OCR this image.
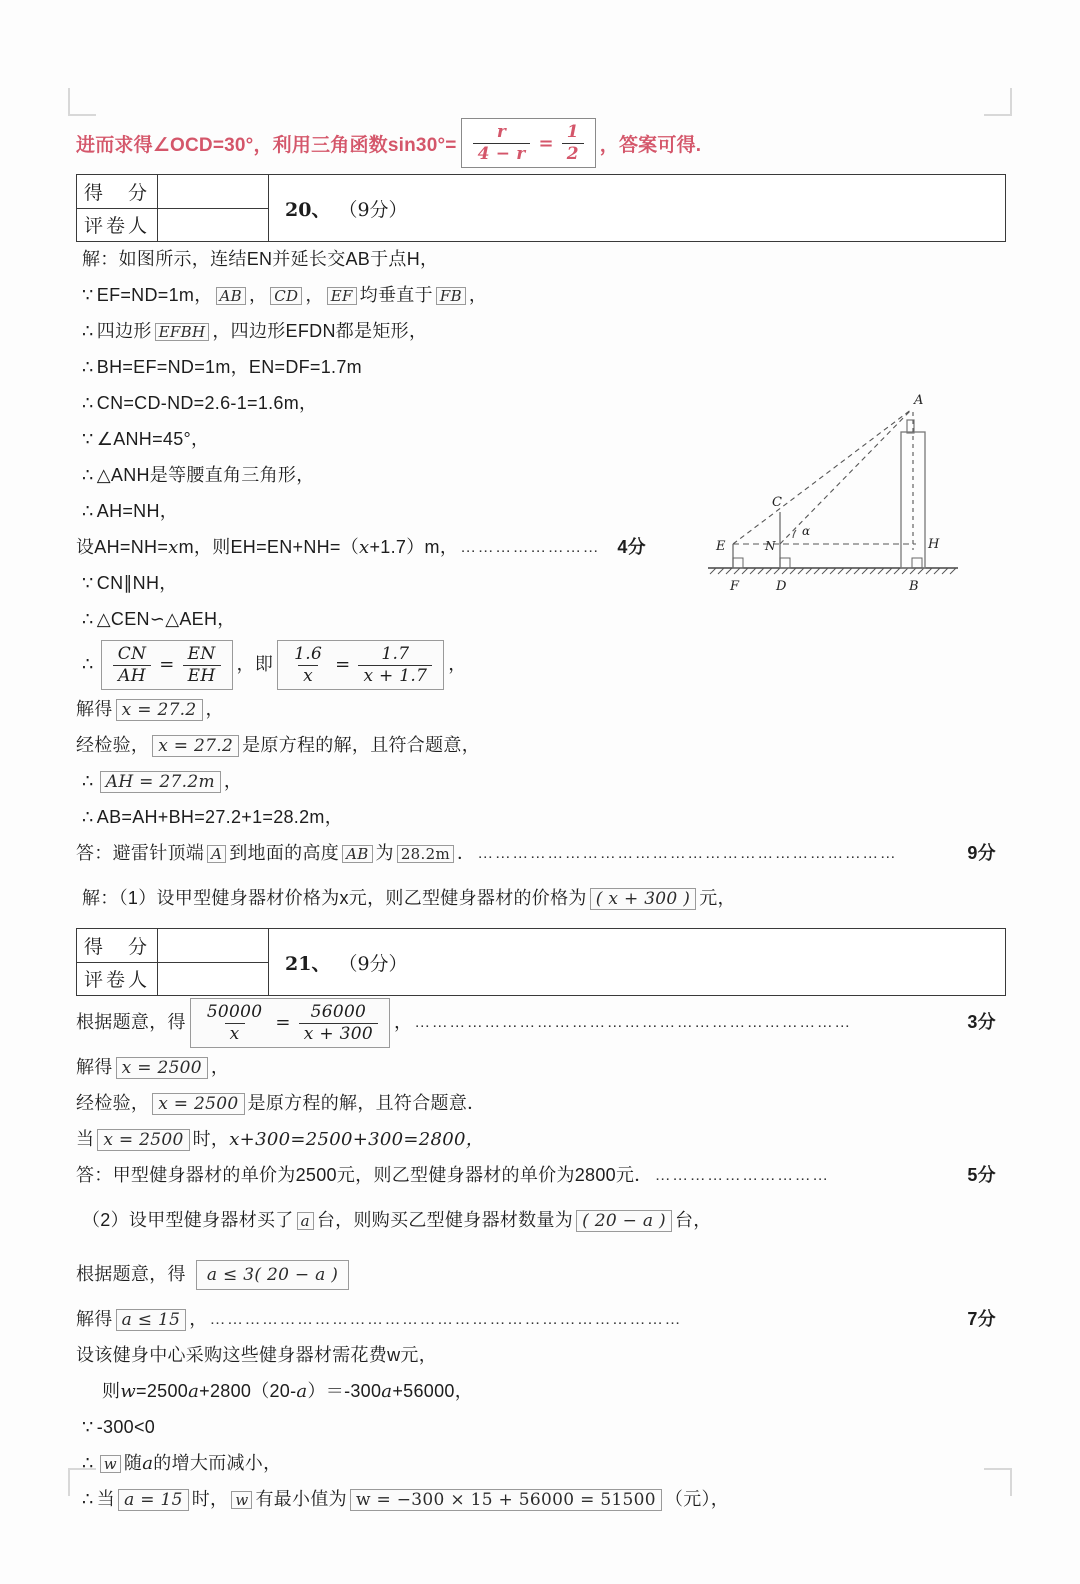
进而求得∠OCD=30°，利用三角函数$\sin 30^\circ= \frac{r}{4 - r} = \frac{1}{2}$ ，答案可得.
得　分
评卷人
20、 （9分）
解：如图所示，连结EN并延长交AB于点H，
∵ EF=ND=1m， AB ， CD ， EF 均垂直于 FB ，
∴ 四边形 EFBH ，四边形EFDN都是矩形，
∴ BH=EF=ND=1m，EN=DF=1.7m
∴ CN=CD-ND=2.6-1=1.6m，
∵ ∠ANH=45°，
∴ △ANH是等腰直角三角形，
∴ AH=NH，
设AH=NH= x m，则EH=EN+NH=（ x +1.7）m， …………………… 4分
∵ CN∥NH，
∴ △CEN∽△AEH，
∴ $\frac{CN}{AH} = \frac{EN}{EH}$ ，即 $\frac{1.6}{x} = \frac{1.7}{x + 1.7}$ ，
解得 x = 27.2 ，
经检验， x = 27.2 是原方程的解，且符合题意，
∴ AH = 27.2m ，
∴ AB=AH+BH=27.2+1=28.2m，
答：避雷针顶端 A 到地面的高度 AB 为 28.2m ． ………………………………………………………………	9分
解：（1）设甲型健身器材价格为x元，则乙型健身器材的价格为 ( x + 300 ) 元，
得　分
评卷人
21、 （9分）
根据题意，得 $\frac{50000}{x} = \frac{56000}{x + 300}$ ， …………………………………………………………………	3分
解得 x = 2500 ，
经检验， x = 2500 是原方程的解，且符合题意．
当 x = 2500 时， x+300=2500+300=2800，
答：甲型健身器材的单价为2500元，则乙型健身器材的单价为2800元． …………………………	5分
（2）设甲型健身器材买了 a 台，则购买乙型健身器材数量为 ( 20 − a ) 台，
根据题意，得	a ≤ 3( 20 − a )
解得 a ≤ 15 ， ………………………………………………………………………	7分
设该健身中心采购这些健身器材需花费w元，
则 w =2500 a +2800（20- a ）＝-300 a +56000，
∵ -300<0
∴ w 随 a 的增大而减小，
∴ 当 a = 15 时， w 有最小值为 w = −300 × 15 + 56000 = 51500 （元），
A
C
E	N	H
F	D	B
α
